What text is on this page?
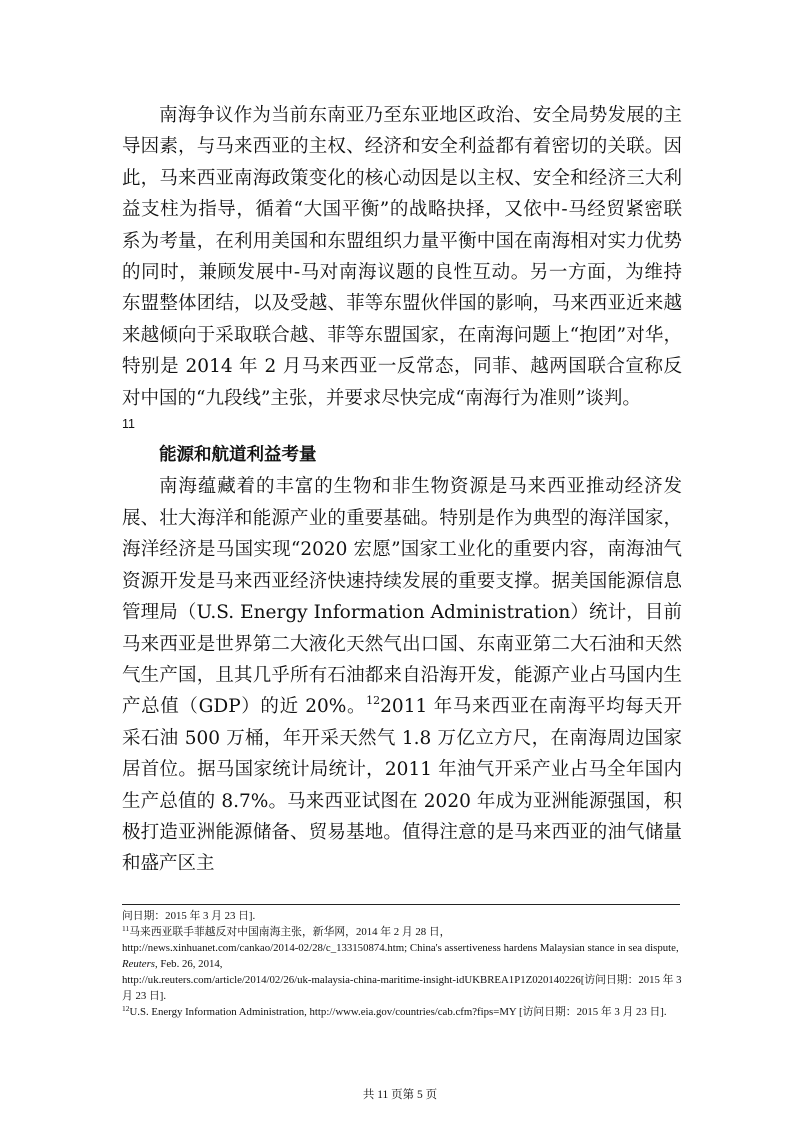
南海争议作为当前东南亚乃至东亚地区政治、安全局势发展的主导因素，与马来西亚的主权、经济和安全利益都有着密切的关联。因此，马来西亚南海政策变化的核心动因是以主权、安全和经济三大利益支柱为指导，循着“大国平衡”的战略抉择，又依中-马经贸紧密联系为考量，在利用美国和东盟组织力量平衡中国在南海相对实力优势的同时，兼顾发展中-马对南海议题的良性互动。另一方面，为维持东盟整体团结，以及受越、菲等东盟伙伴国的影响，马来西亚近来越来越倾向于采取联合越、菲等东盟国家，在南海问题上“抱团”对华，特别是 2014 年 2 月马来西亚一反常态，同菲、越两国联合宣称反对中国的“九段线”主张，并要求尽快完成“南海行为准则”谈判。

11

能源和航道利益考量

南海蕴藏着的丰富的生物和非生物资源是马来西亚推动经济发展、壮大海洋和能源产业的重要基础。特别是作为典型的海洋国家，海洋经济是马国实现“2020 宏愿”国家工业化的重要内容，南海油气资源开发是马来西亚经济快速持续发展的重要支撑。据美国能源信息管理局（U.S. Energy Information Administration）统计，目前马来西亚是世界第二大液化天然气出口国、东南亚第二大石油和天然气生产国，且其几乎所有石油都来自沿海开发，能源产业占马国内生产总值（GDP）的近 20%。$^{12}$2011 年马来西亚在南海平均每天开采石油 500 万桶，年开采天然气 1.8 万亿立方尺，在南海周边国家居首位。据马国家统计局统计，2011 年油气开采产业占马全年国内生产总值的 8.7%。马来西亚试图在 2020 年成为亚洲能源强国，积极打造亚洲能源储备、贸易基地。值得注意的是马来西亚的油气储量和盛产区主

问日期：2015 年 3 月 23 日].

$^{11}$马来西亚联手菲越反对中国南海主张，新华网，2014 年 2 月 28 日，
http://news.xinhuanet.com/cankao/2014-02/28/c_133150874.htm; China's assertiveness hardens Malaysian stance in sea dispute, Reuters, Feb. 26, 2014,
http://uk.reuters.com/article/2014/02/26/uk-malaysia-china-maritime-insight-idUKBREA1P1Z020140226[访问日期：2015 年 3 月 23 日].

$^{12}$U.S. Energy Information Administration, http://www.eia.gov/countries/cab.cfm?fips=MY [访问日期：2015 年 3 月 23 日].

共 11 页第 5 页
